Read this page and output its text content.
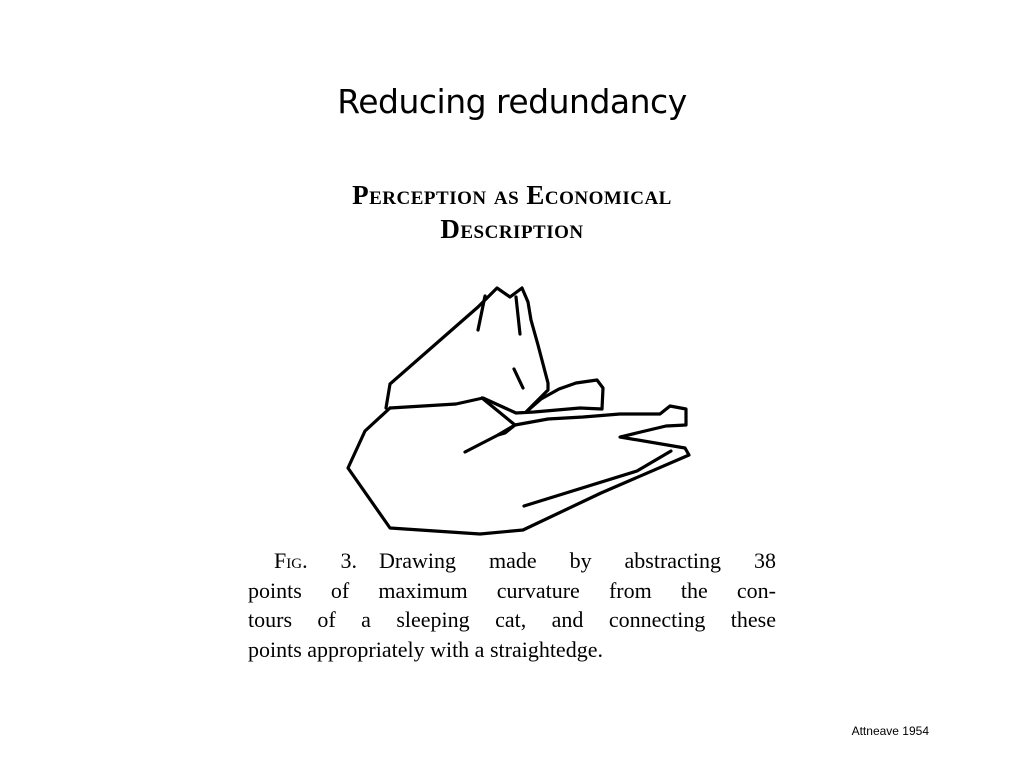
Reducing redundancy
Perception as Economical
Description
Fig. 3.  Drawing made by abstracting 38
points of maximum curvature from the con-
tours of a sleeping cat, and connecting these
points appropriately with a straightedge.
Attneave 1954
